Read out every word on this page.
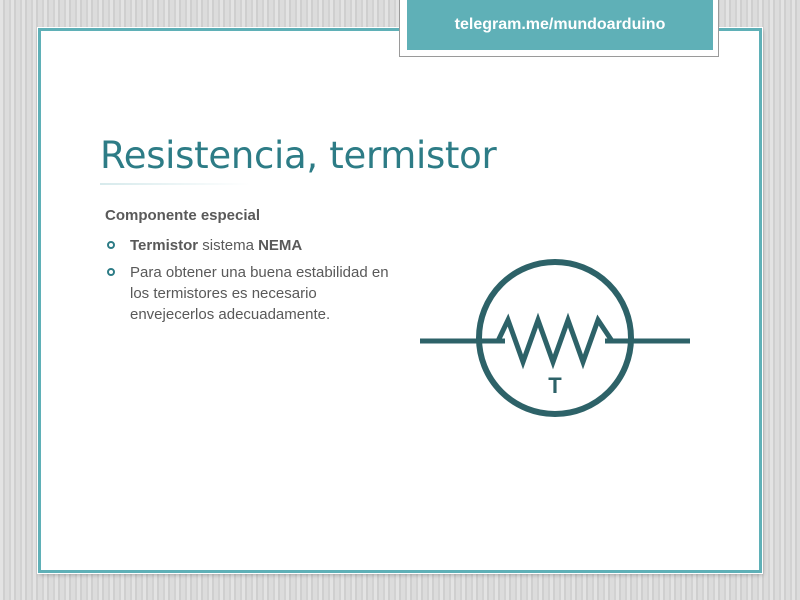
telegram.me/mundoarduino
Resistencia, termistor
Componente especial
Termistor sistema NEMA
Para obtener una buena estabilidad en los termistores es necesario envejecerlos adecuadamente.
T
